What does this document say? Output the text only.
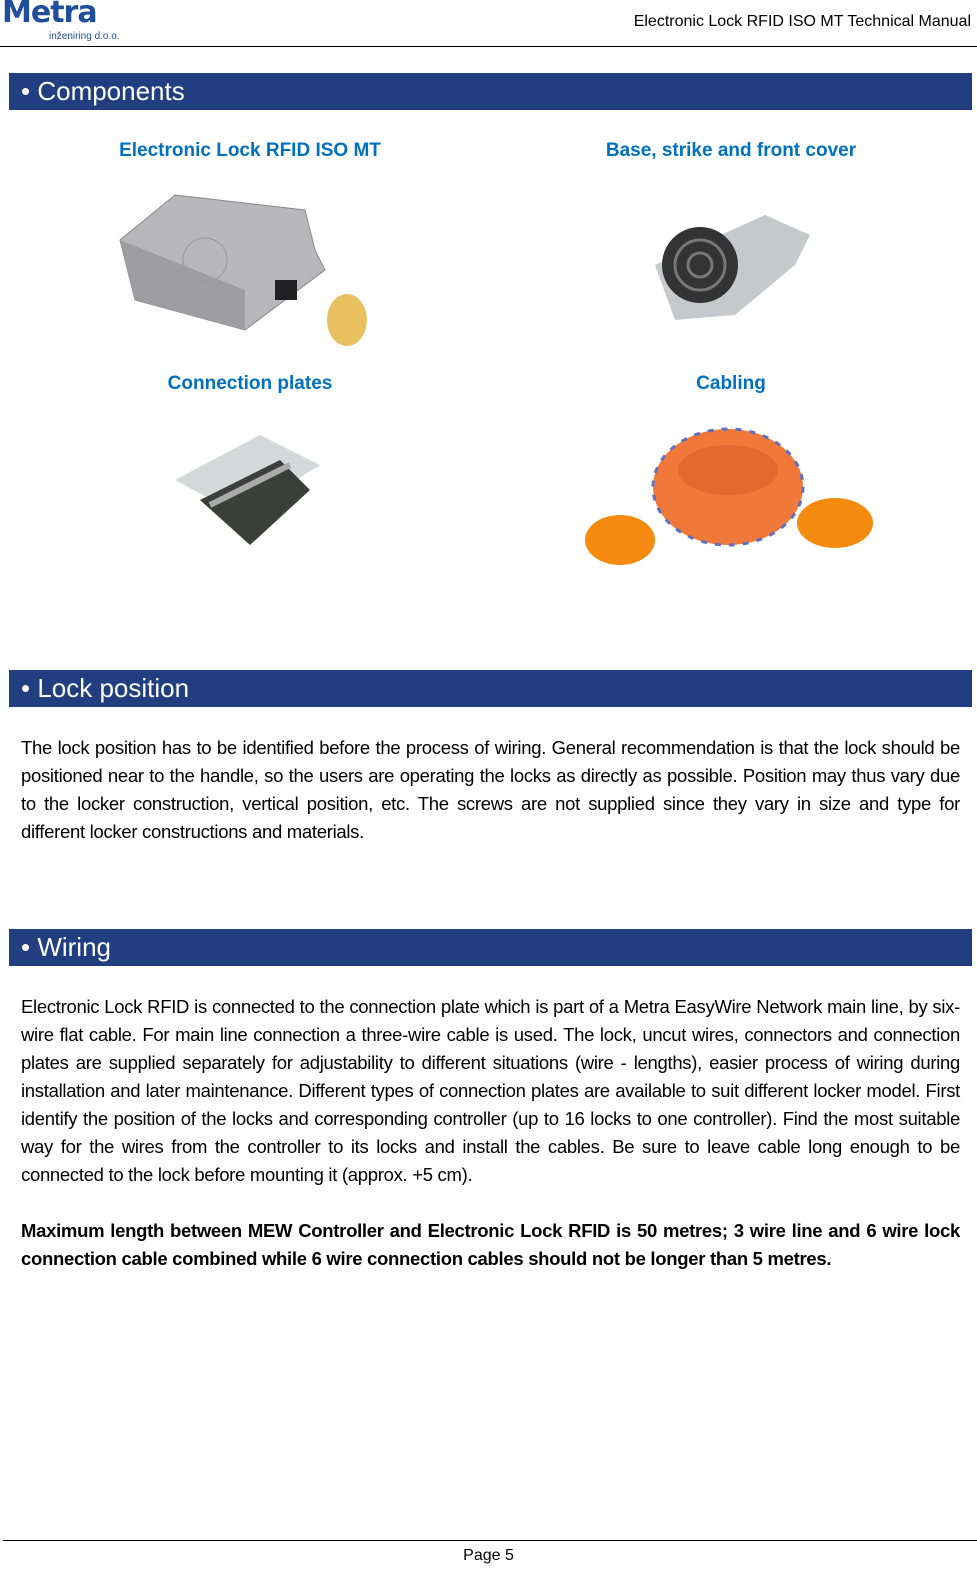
Metra
inženiring d.o.o.
Electronic Lock RFID ISO MT Technical Manual
• Components
Electronic Lock RFID ISO MT	Base, strike and front cover
Connection plates	Cabling
• Lock position

The lock position has to be identified before the process of wiring. General recommendation is that the lock should be positioned near to the handle, so the users are operating the locks as directly as possible. Position may thus vary due to the locker construction, vertical position, etc. The screws are not supplied since they vary in size and type for different locker constructions and materials.

• Wiring

Electronic Lock RFID is connected to the connection plate which is part of a Metra EasyWire Network main line, by six-wire flat cable. For main line connection a three-wire cable is used. The lock, uncut wires, connectors and connection plates are supplied separately for adjustability to different situations (wire - lengths), easier process of wiring during installation and later maintenance. Different types of connection plates are available to suit different locker model. First identify the position of the locks and corresponding controller (up to 16 locks to one controller). Find the most suitable way for the wires from the controller to its locks and install the cables. Be sure to leave cable long enough to be connected to the lock before mounting it (approx. +5 cm).

Maximum length between MEW Controller and Electronic Lock RFID is 50 metres; 3 wire line and 6 wire lock connection cable combined while 6 wire connection cables should not be longer than 5 metres.

Page 5
